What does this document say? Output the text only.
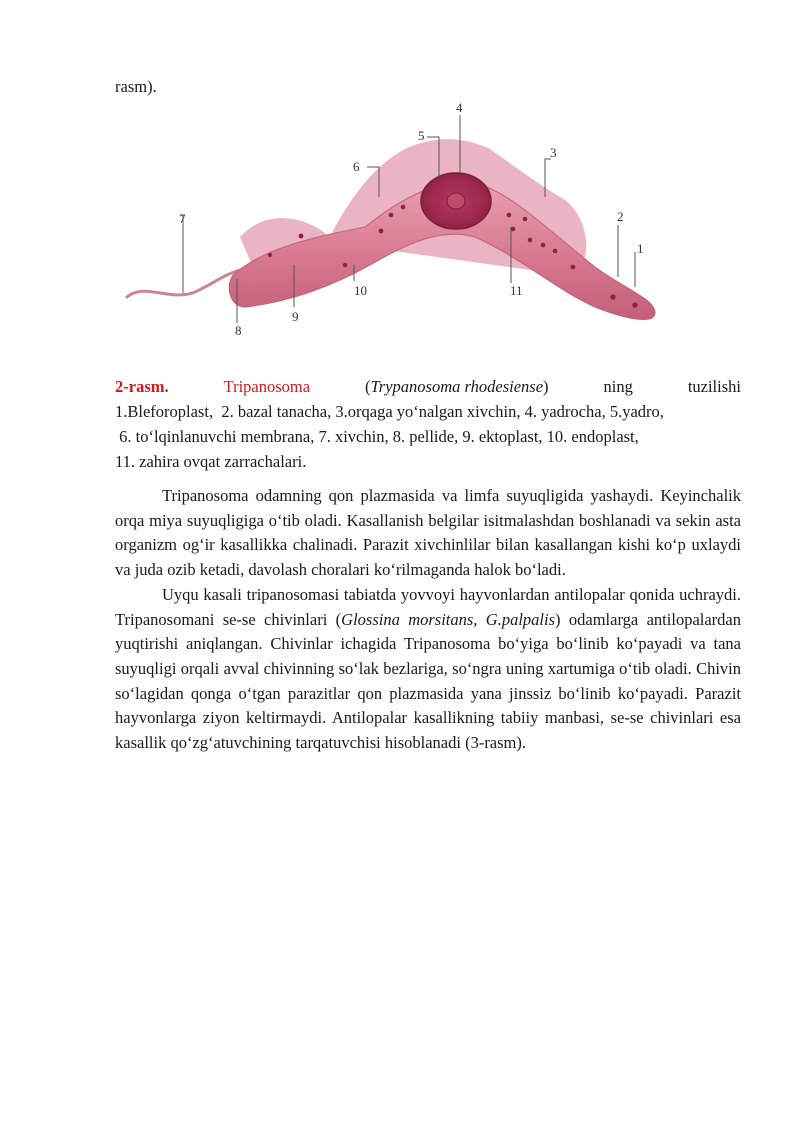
rasm).
1
2
3
4
5
6
7
8
9
10	11
2-rasm.	Tripanosoma	(Trypanosoma rhodesiense)	ning	tuzilishi
1.Bleforoplast,  2. bazal tanacha, 3.orqaga yo‘nalgan xivchin, 4. yadrocha, 5.yadro,
6. to‘lqinlanuvchi membrana, 7. xivchin, 8. pellide, 9. ektoplast, 10. endoplast,
11. zahira ovqat zarrachalari.

Tripanosoma odamning qon plazmasida va limfa suyuqligida yashaydi. Keyinchalik orqa miya suyuqligiga o‘tib oladi. Kasallanish belgilar isitmalashdan boshlanadi va sekin asta organizm og‘ir kasallikka chalinadi. Parazit xivchinlilar bilan kasallangan kishi ko‘p uxlaydi va juda ozib ketadi, davolash choralari ko‘rilmaganda halok bo‘ladi.

Uyqu kasali tripanosomasi tabiatda yovvoyi hayvonlardan antilopalar qonida uchraydi. Tripanosomani se-se chivinlari (Glossina morsitans, G.palpalis) odamlarga antilopalardan yuqtirishi aniqlangan. Chivinlar ichagida Tripanosoma bo‘yiga bo‘linib ko‘payadi va tana suyuqligi orqali avval chivinning so‘lak bezlariga, so‘ngra uning xartumiga o‘tib oladi. Chivin so‘lagidan qonga o‘tgan parazitlar qon plazmasida yana jinssiz bo‘linib ko‘payadi. Parazit hayvonlarga ziyon keltirmaydi. Antilopalar kasallikning tabiiy manbasi, se-se chivinlari esa kasallik qo‘zg‘atuvchining tarqatuvchisi hisoblanadi (3-rasm).
